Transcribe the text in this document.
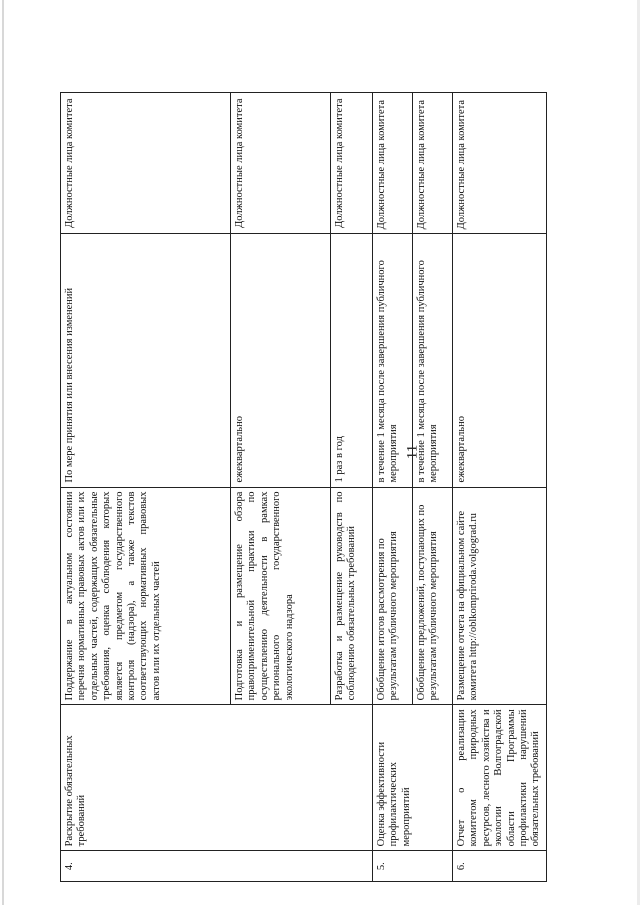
11
4.	Раскрытие обязательных требований	Поддержание в актуальном состоянии перечня нормативных правовых актов или их отдельных частей, содержащих обязательные требования, оценка соблюдения которых является предметом государственного контроля (надзора), а также текстов соответствующих нормативных правовых актов или их отдельных частей	По мере принятия или внесения изменений	Должностные лица комитета
		Подготовка и размещение обзора правоприменительной практики по осуществлению деятельности в рамках регионального государственного экологического надзора	ежеквартально	Должностные лица комитета
		Разработка и размещение руководств по соблюдению обязательных требований	1 раз в год	Должностные лица комитета
5.	Оценка эффективности профилактических мероприятий	Обобщение итогов рассмотрения по результатам публичного мероприятия	в течение 1 месяца после завершения публичного мероприятия	Должностные лица комитета
		Обобщение предложений, поступающих по результатам публичного мероприятия	в течение 1 месяца после завершения публичного мероприятия	Должностные лица комитета
6.	Отчет о реализации комитетом природных ресурсов, лесного хозяйства и экологии Волгоградской области Программы профилактики нарушений обязательных требований	Размещение отчета на официальном сайте комитета http://oblkompriroda.volgograd.ru	ежеквартально	Должностные лица комитета
